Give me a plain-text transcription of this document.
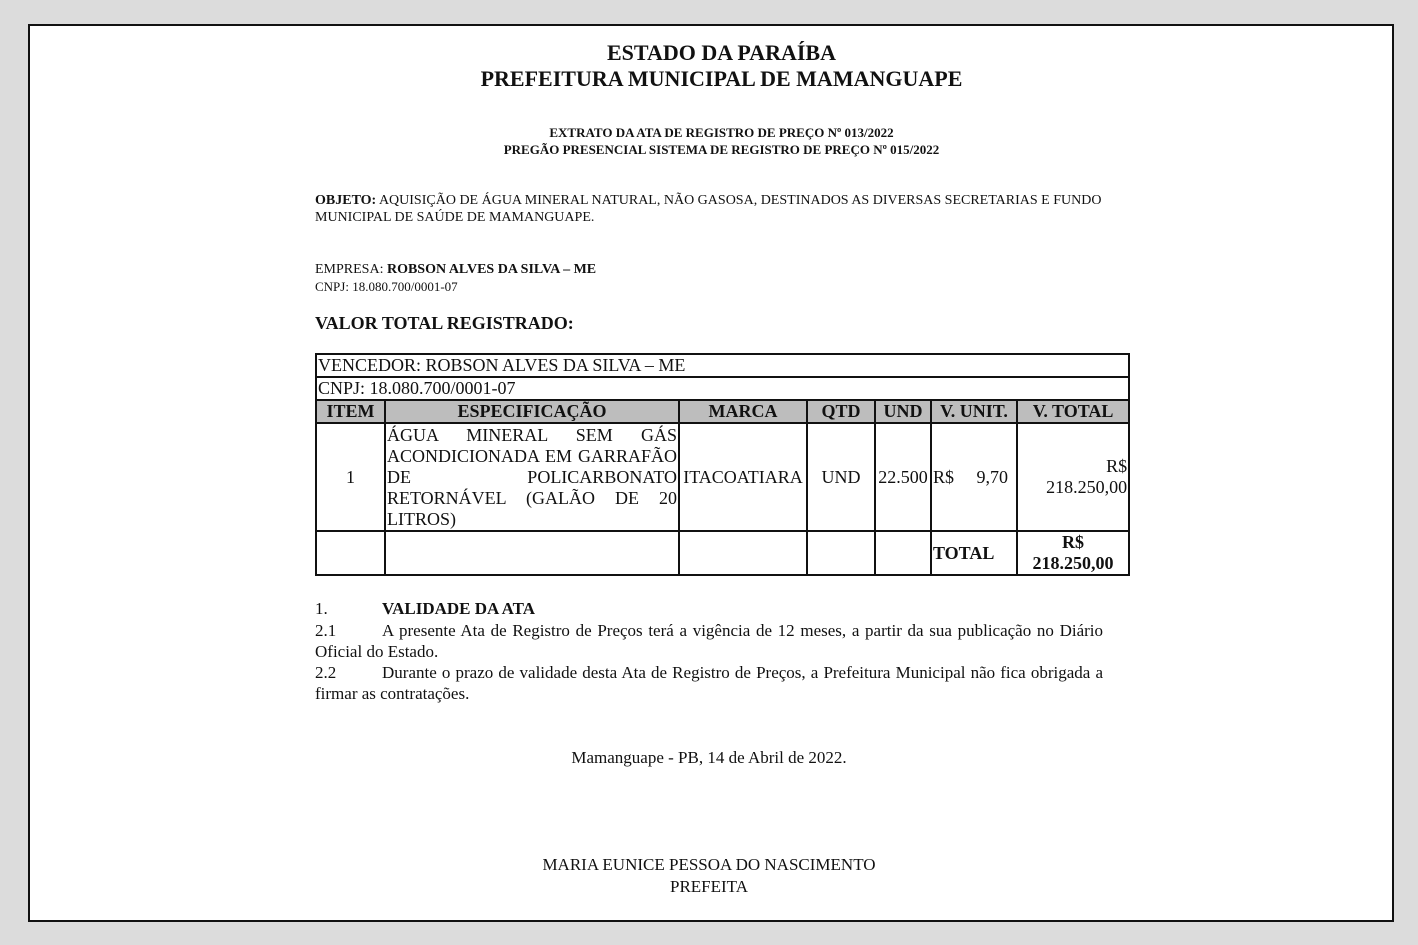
ESTADO DA PARAÍBA
PREFEITURA MUNICIPAL DE MAMANGUAPE
EXTRATO DA ATA DE REGISTRO DE PREÇO Nº 013/2022
PREGÃO PRESENCIAL SISTEMA DE REGISTRO DE PREÇO Nº 015/2022
OBJETO: AQUISIÇÃO DE ÁGUA MINERAL NATURAL, NÃO GASOSA, DESTINADOS AS DIVERSAS SECRETARIAS E FUNDO MUNICIPAL DE SAÚDE DE MAMANGUAPE.
EMPRESA: ROBSON ALVES DA SILVA – ME
CNPJ: 18.080.700/0001-07
VALOR TOTAL REGISTRADO:
VENCEDOR: ROBSON ALVES DA SILVA – ME						
CNPJ: 18.080.700/0001-07						
ITEM	ESPECIFICAÇÃO	MARCA	QTD	UND	V. UNIT.	V. TOTAL
1	ÁGUA MINERAL SEM GÁS ACONDICIONADA EM GARRAFÃO DE POLICARBONATO RETORNÁVEL (GALÃO DE 20 LITROS)	ITACOATIARA	UND	22.500	R$     9,70	R$ 218.250,00
					TOTAL	R$ 218.250,00
1.	VALIDADE DA ATA
2.1	A presente Ata de Registro de Preços terá a vigência de 12 meses, a partir da sua publicação no Diário Oficial do Estado.
2.2	Durante o prazo de validade desta Ata de Registro de Preços, a Prefeitura Municipal não fica obrigada a firmar as contratações.
Mamanguape - PB, 14 de Abril de 2022.
MARIA EUNICE PESSOA DO NASCIMENTO
PREFEITA
